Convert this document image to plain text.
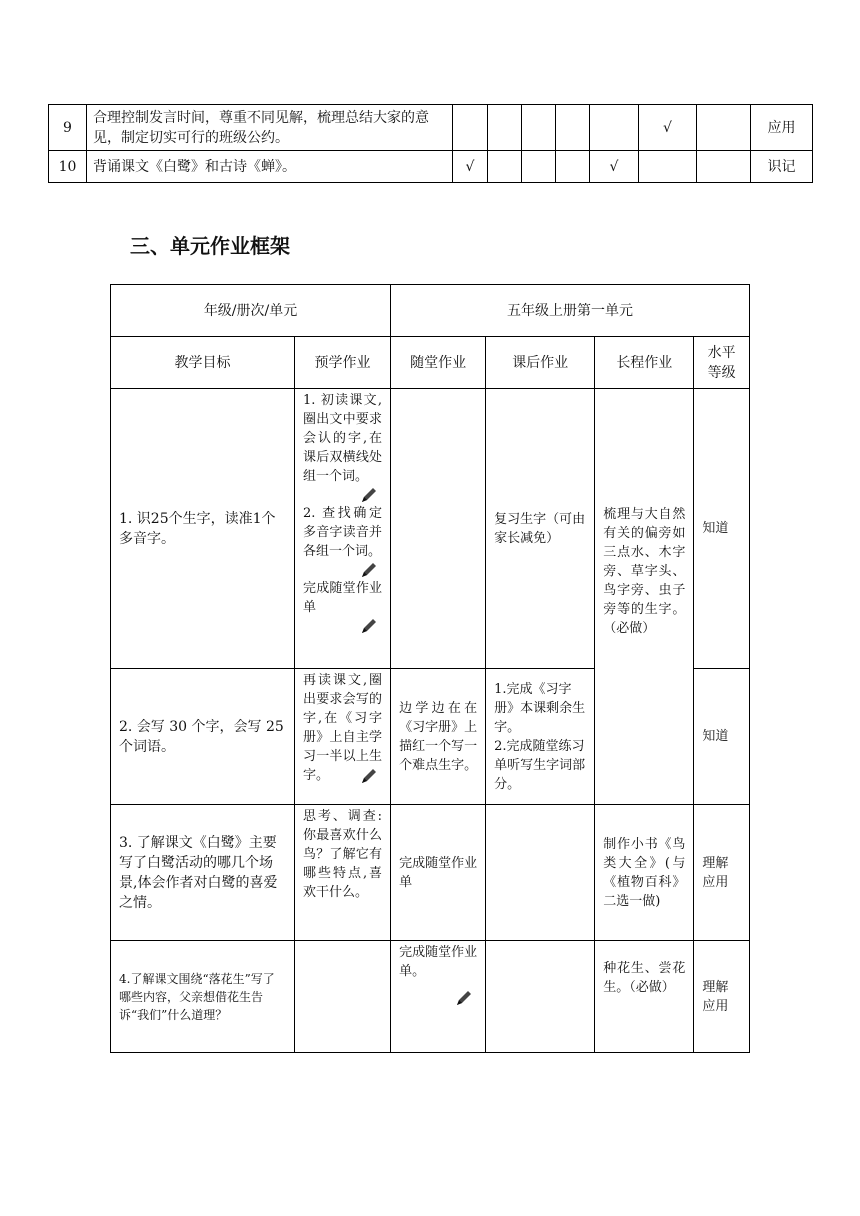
9	合理控制发言时间，尊重不同见解，梳理总结大家的意见，制定切实可行的班级公约。						√		应用
10	背诵课文《白鹭》和古诗《蝉》。	√				√			识记
三、单元作业框架
年级/册次/单元		五年级上册第一单元			
教学目标	预学作业	随堂作业	课后作业	长程作业	水平等级
1. 识25个生字，读准1个多音字。	1. 初读课文,圈出文中要求会认的字,在课后双横线处组一个词。
2. 查找确定多音字读音并各组一个词。
完成随堂作业单		复习生字（可由家长减免）	梳理与大自然有关的偏旁如三点水、木字旁、草字头、鸟字旁、虫子旁等的生字。（必做）	知道
2. 会写 30 个字，会写 25 个词语。	再读课文,圈出要求会写的字,在《习字册》上自主学习一半以上生字。	边学边在在《习字册》上描红一个写一个难点生字。	1.完成《习字册》本课剩余生字。
2.完成随堂练习单听写生字词部分。		知道
3. 了解课文《白鹭》主要写了白鹭活动的哪几个场景,体会作者对白鹭的喜爱之情。	思考、调查:你最喜欢什么鸟？了解它有哪些特点,喜欢干什么。	完成随堂作业单		制作小书《鸟类大全》(与《植物百科》二选一做)	理解
应用
4.了解课文围绕“落花生”写了哪些内容，父亲想借花生告诉“我们”什么道理？		完成随堂作业单。		种花生、尝花生。（必做）	理解
应用
